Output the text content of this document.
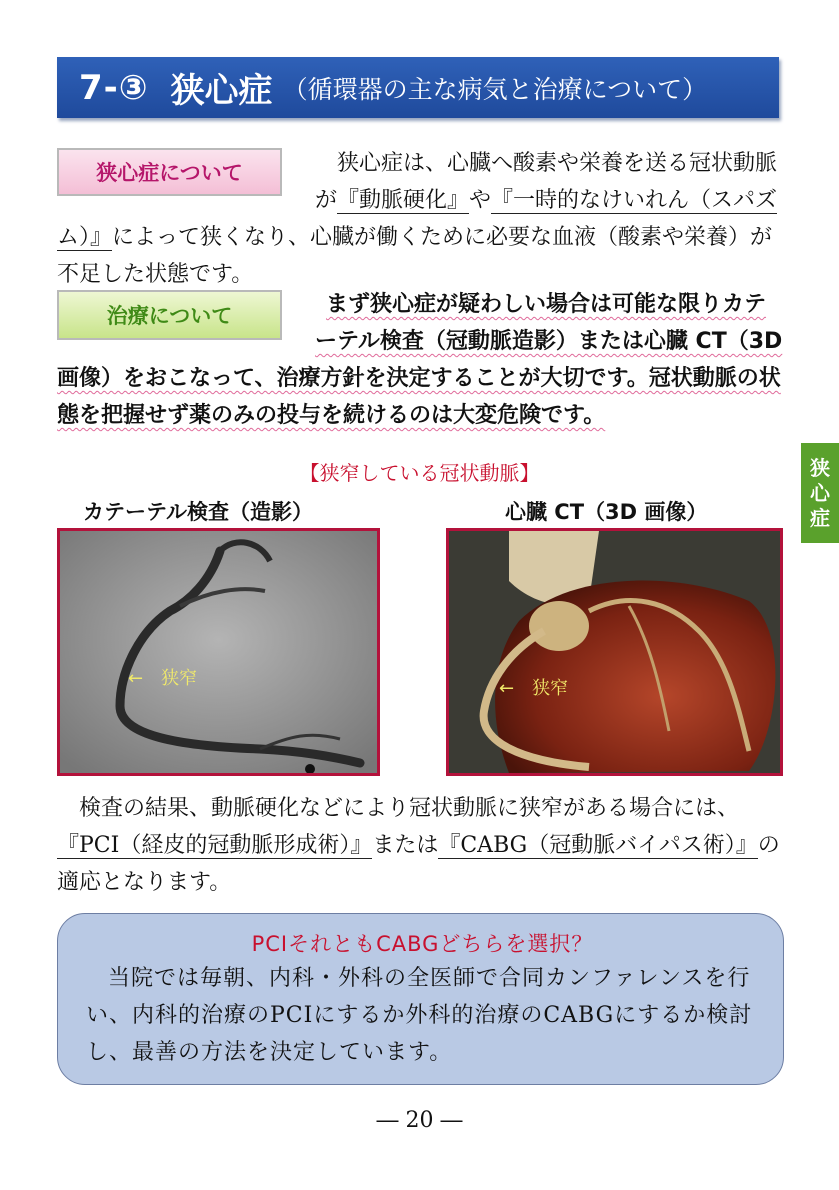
7-③ 狭心症 （循環器の主な病気と治療について）
狭心症について	狭心症は、心臓へ酸素や栄養を送る冠状動脈が『動脈硬化』や『一時的なけいれん（スパズム）』によって狭くなり、心臓が働くために必要な血液（酸素や栄養）が不足した状態です。
治療について	まず狭心症が疑わしい場合は可能な限りカテーテル検査（冠動脈造影）または心臓 CT（3D画像）をおこなって、治療方針を決定することが大切です。冠状動脈の状態を把握せず薬のみの投与を続けるのは大変危険です。
【狭窄している冠状動脈】
カテーテル検査（造影）	心臓 CT（3D 画像）
←　狭窄	←　狭窄
狭
心
症
検査の結果、動脈硬化などにより冠状動脈に狭窄がある場合には、『PCI（経皮的冠動脈形成術）』または『CABG（冠動脈バイパス術）』の適応となります。
PCIそれともCABGどちらを選択？
当院では毎朝、内科・外科の全医師で合同カンファレンスを行い、内科的治療のPCIにするか外科的治療のCABGにするか検討し、最善の方法を決定しています。
― 20 ―
